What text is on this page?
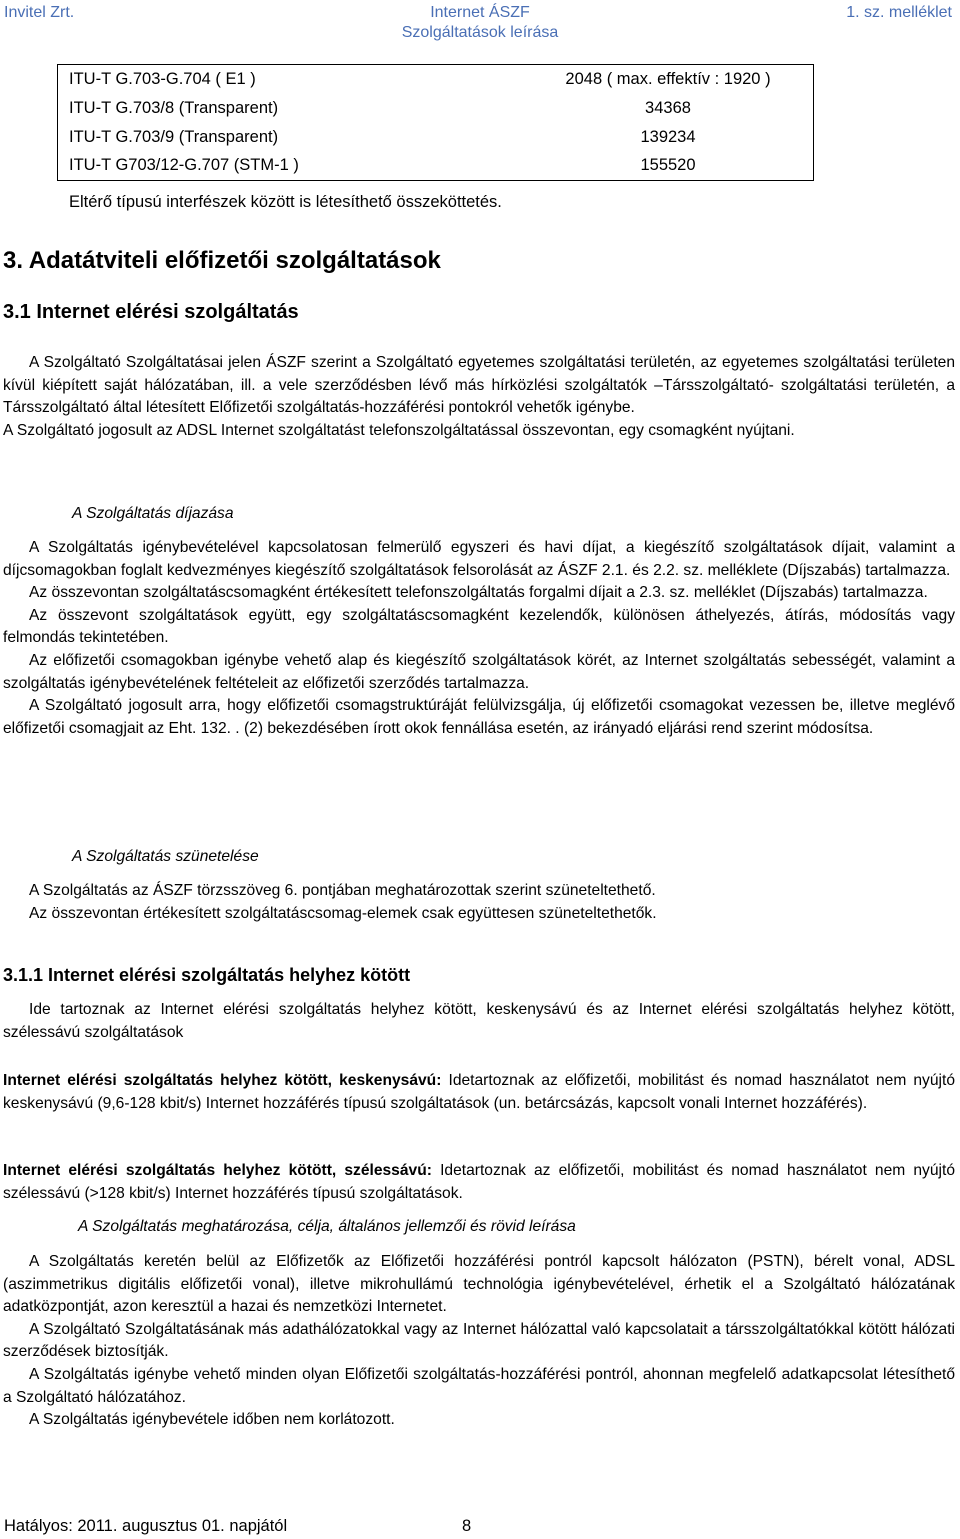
Invitel Zrt.	Internet ÁSZF
Szolgáltatások leírása
1. sz. melléklet
ITU-T G.703-G.704 ( E1 )	2048 ( max. effektív : 1920 )
ITU-T G.703/8 (Transparent)	34368
ITU-T G.703/9 (Transparent)	139234
ITU-T G703/12-G.707 (STM-1 )	155520
Eltérő típusú interfészek között is létesíthető összeköttetés.
3. Adatátviteli előfizetői szolgáltatások
3.1 Internet elérési szolgáltatás

A Szolgáltató Szolgáltatásai jelen ÁSZF szerint a Szolgáltató egyetemes szolgáltatási területén, az egyetemes szolgáltatási területen kívül kiépített saját hálózatában, ill. a vele szerződésben lévő más hírközlési szolgáltatók –Társszolgáltató- szolgáltatási területén, a Társszolgáltató által létesített Előfizetői szolgáltatás-hozzáférési pontokról vehetők igénybe.

A Szolgáltató jogosult az ADSL Internet szolgáltatást telefonszolgáltatással összevontan, egy csomagként nyújtani.

A Szolgáltatás díjazása

A Szolgáltatás igénybevételével kapcsolatosan felmerülő egyszeri és havi díjat, a kiegészítő szolgáltatások díjait, valamint a díjcsomagokban foglalt kedvezményes kiegészítő szolgáltatások felsorolását az ÁSZF 2.1. és 2.2. sz. melléklete (Díjszabás) tartalmazza.

Az összevontan szolgáltatáscsomagként értékesített telefonszolgáltatás forgalmi díjait a 2.3. sz. melléklet (Díjszabás) tartalmazza.

Az összevont szolgáltatások együtt, egy szolgáltatáscsomagként kezelendők, különösen áthelyezés, átírás, módosítás vagy felmondás tekintetében.

Az előfizetői csomagokban igénybe vehető alap és kiegészítő szolgáltatások körét, az Internet szolgáltatás sebességét, valamint a szolgáltatás igénybevételének feltételeit az előfizetői szerződés tartalmazza.

A Szolgáltató jogosult arra, hogy előfizetői csomagstruktúráját felülvizsgálja, új előfizetői csomagokat vezessen be, illetve meglévő előfizetői csomagjait az Eht. 132. . (2) bekezdésében írott okok fennállása esetén, az irányadó eljárási rend szerint módosítsa.

A Szolgáltatás szünetelése

A Szolgáltatás az ÁSZF törzsszöveg 6. pontjában meghatározottak szerint szüneteltethető.

Az összevontan értékesített szolgáltatáscsomag-elemek csak együttesen szüneteltethetők.

3.1.1 Internet elérési szolgáltatás helyhez kötött

Ide tartoznak az Internet elérési szolgáltatás helyhez kötött, keskenysávú és az Internet elérési szolgáltatás helyhez kötött, szélessávú szolgáltatások

Internet elérési szolgáltatás helyhez kötött, keskenysávú: Idetartoznak az előfizetői, mobilitást és nomad használatot nem nyújtó keskenysávú (9,6-128 kbit/s) Internet hozzáférés típusú szolgáltatások (un. betárcsázás, kapcsolt vonali Internet hozzáférés).

Internet elérési szolgáltatás helyhez kötött, szélessávú: Idetartoznak az előfizetői, mobilitást és nomad használatot nem nyújtó szélessávú (>128 kbit/s) Internet hozzáférés típusú szolgáltatások.

A Szolgáltatás meghatározása, célja, általános jellemzői és rövid leírása

A Szolgáltatás keretén belül az Előfizetők az Előfizetői hozzáférési pontról kapcsolt hálózaton (PSTN), bérelt vonal, ADSL (aszimmetrikus digitális előfizetői vonal), illetve mikrohullámú technológia igénybevételével, érhetik el a Szolgáltató hálózatának adatközpontját, azon keresztül a hazai és nemzetközi Internetet.

A Szolgáltató Szolgáltatásának más adathálózatokkal vagy az Internet hálózattal való kapcsolatait a társszolgáltatókkal kötött hálózati szerződések biztosítják.

A Szolgáltatás igénybe vehető minden olyan Előfizetői szolgáltatás-hozzáférési pontról, ahonnan megfelelő adatkapcsolat létesíthető a Szolgáltató hálózatához.

A Szolgáltatás igénybevétele időben nem korlátozott.

Hatályos: 2011. augusztus 01. napjától	8
